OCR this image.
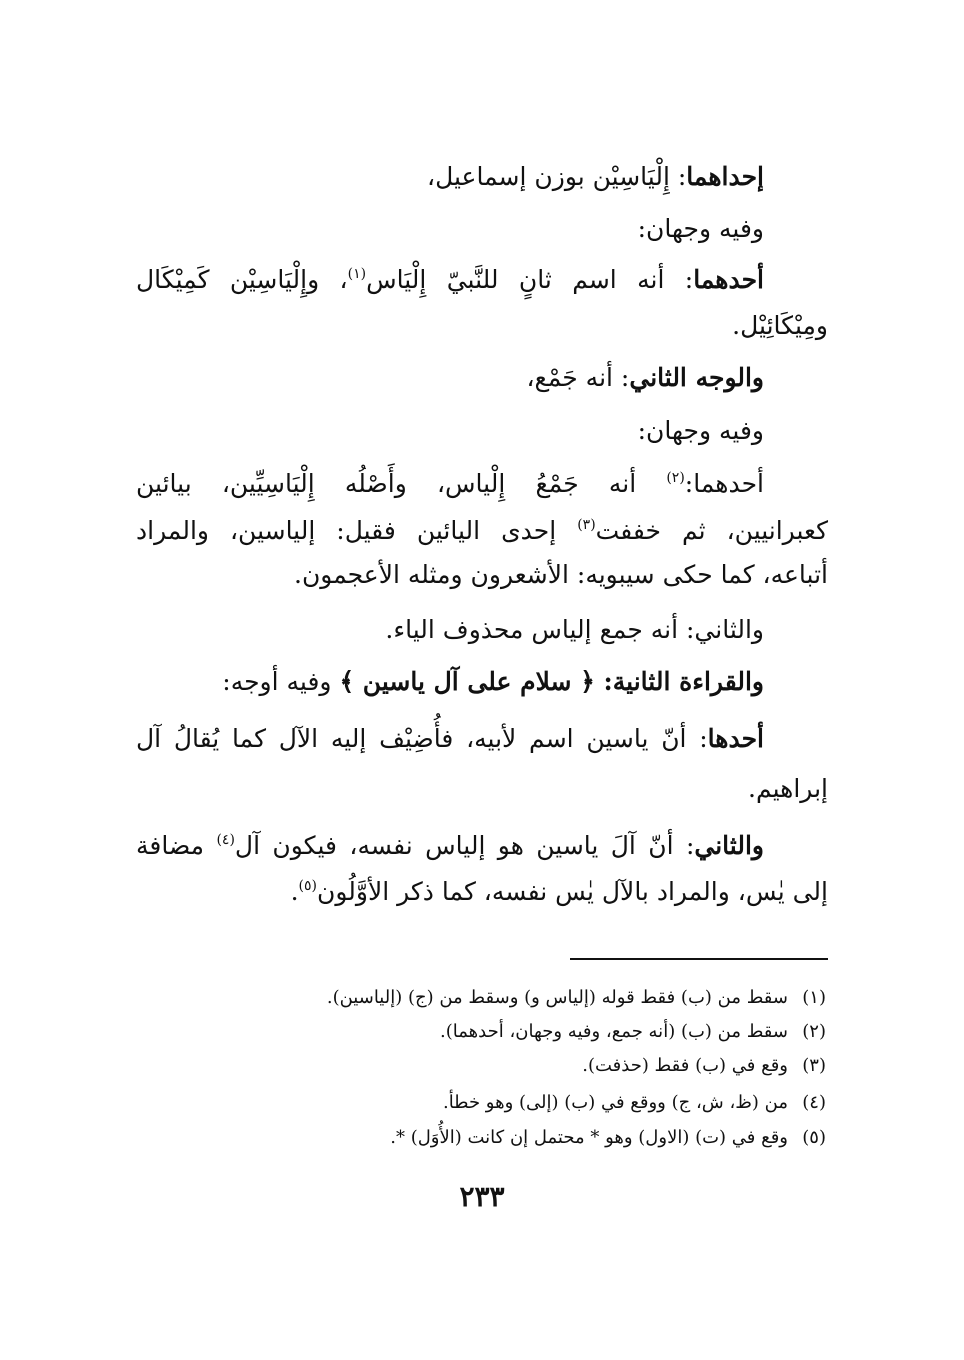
إحداهما: إِلْيَاسِيْن بوزن إسماعيل،
وفيه وجهان:
أحدهما: أنه اسم ثانٍ للنَّبيّ إِلْيَاس$^{(١)}$، وإِلْيَاسِيْن كَمِيْكَال
ومِيْكَائِيْل.
والوجه الثاني: أنه جَمْع،
وفيه وجهان:
أحدهما:$^{(٢)}$ أنه جَمْعُ إِلْياس، وأَصْلُه إِلْيَاسِيِّين، بيائين
كعبرانيين، ثم خففت$^{(٣)}$ إحدى اليائين فقيل: إلياسين، والمراد
أتباعه، كما حكى سيبويه: الأشعرون ومثله الأعجمون.
والثاني: أنه جمع إلياس محذوف الياء.
والقراءة الثانية: ﴿ سلام على آل ياسين ﴾ وفيه أوجه:
أحدها: أنّ ياسين اسم لأبيه، فأُضِيْف إليه الآل كما يُقالُ آل
إبراهيم.
والثاني: أنّ آلَ ياسين هو إلياس نفسه، فيكون آل$^{(٤)}$ مضافة
إلى يٰس، والمراد بالآل يٰس نفسه، كما ذكر الأوَّلُون$^{(٥)}$.
(١)سقط من (ب) فقط قوله (إلياس و) وسقط من (ج) (إلياسين).
(٢)سقط من (ب) (أنه جمع، وفيه وجهان، أحدهما).
(٣)وقع في (ب) فقط (حذفت).
(٤)من (ظ، ش، ج) ووقع في (ب) (إلى) وهو خطأ.
(٥)وقع في (ت) (الاول) وهو * محتمل إن كانت (الأُوَل) *.
٢٣٣
